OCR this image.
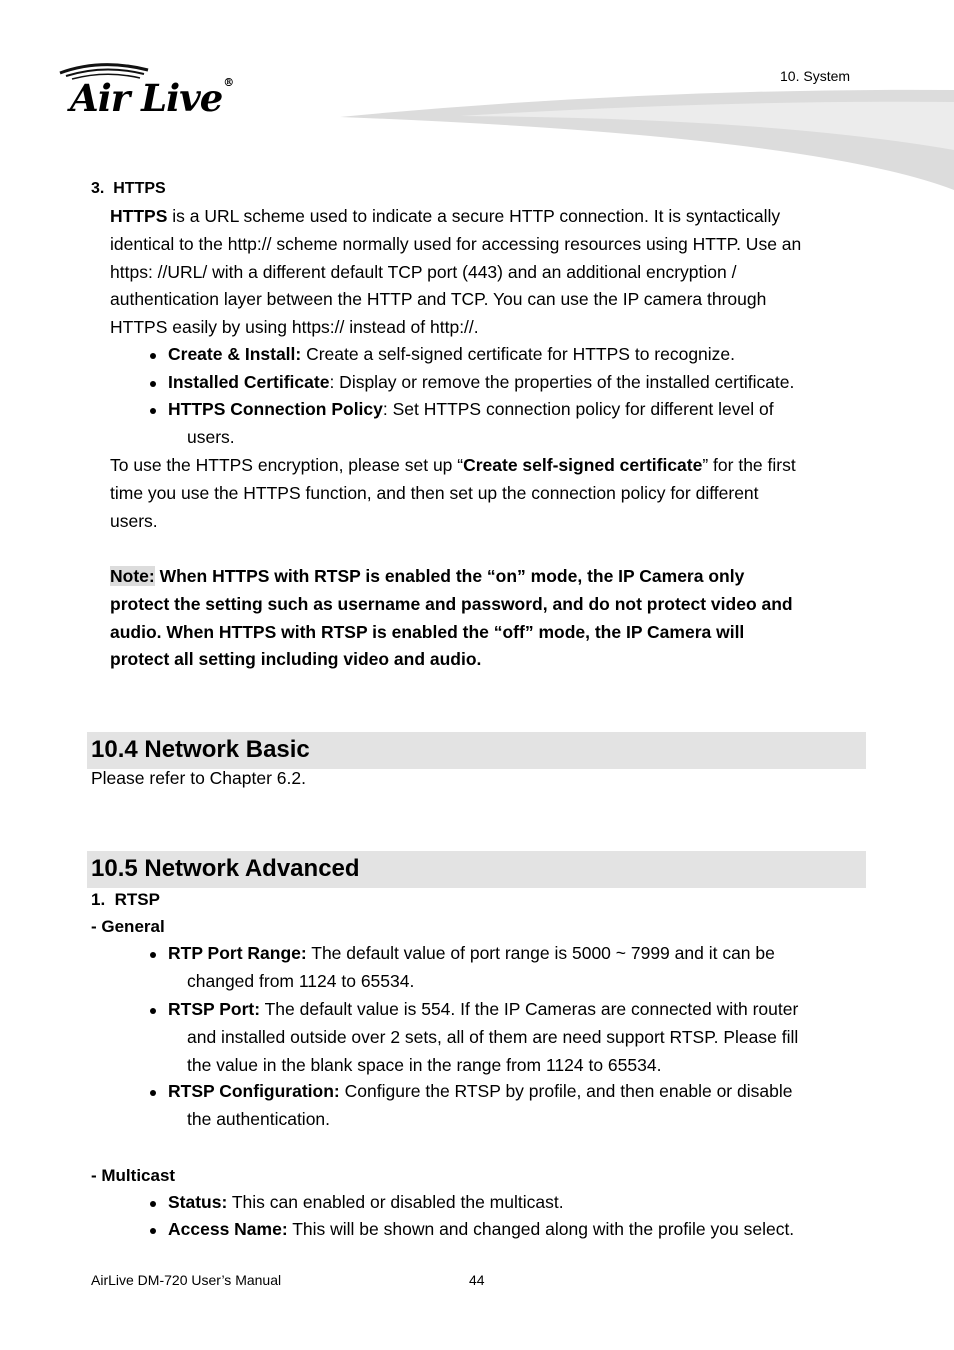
Air Live®	10. System
3.  HTTPS
HTTPS is a URL scheme used to indicate a secure HTTP connection. It is syntactically
identical to the http:// scheme normally used for accessing resources using HTTP. Use an
https: //URL/ with a different default TCP port (443) and an additional encryption /
authentication layer between the HTTP and TCP. You can use the IP camera through
HTTPS easily by using https:// instead of http://.
Create & Install: Create a self-signed certificate for HTTPS to recognize.
Installed Certificate: Display or remove the properties of the installed certificate.
HTTPS Connection Policy: Set HTTPS connection policy for different level of
users.
To use the HTTPS encryption, please set up “Create self-signed certificate” for the first
time you use the HTTPS function, and then set up the connection policy for different
users.
Note: When HTTPS with RTSP is enabled the “on” mode, the IP Camera only
protect the setting such as username and password, and do not protect video and
audio. When HTTPS with RTSP is enabled the “off” mode, the IP Camera will
protect all setting including video and audio.
10.4 Network Basic
Please refer to Chapter 6.2.
10.5 Network Advanced
1.  RTSP
- General
RTP Port Range: The default value of port range is 5000 ~ 7999 and it can be
changed from 1124 to 65534.
RTSP Port: The default value is 554. If the IP Cameras are connected with router
and installed outside over 2 sets, all of them are need support RTSP. Please fill
the value in the blank space in the range from 1124 to 65534.
RTSP Configuration: Configure the RTSP by profile, and then enable or disable
the authentication.
- Multicast
Status: This can enabled or disabled the multicast.
Access Name: This will be shown and changed along with the profile you select.
AirLive DM-720 User’s Manual	44
